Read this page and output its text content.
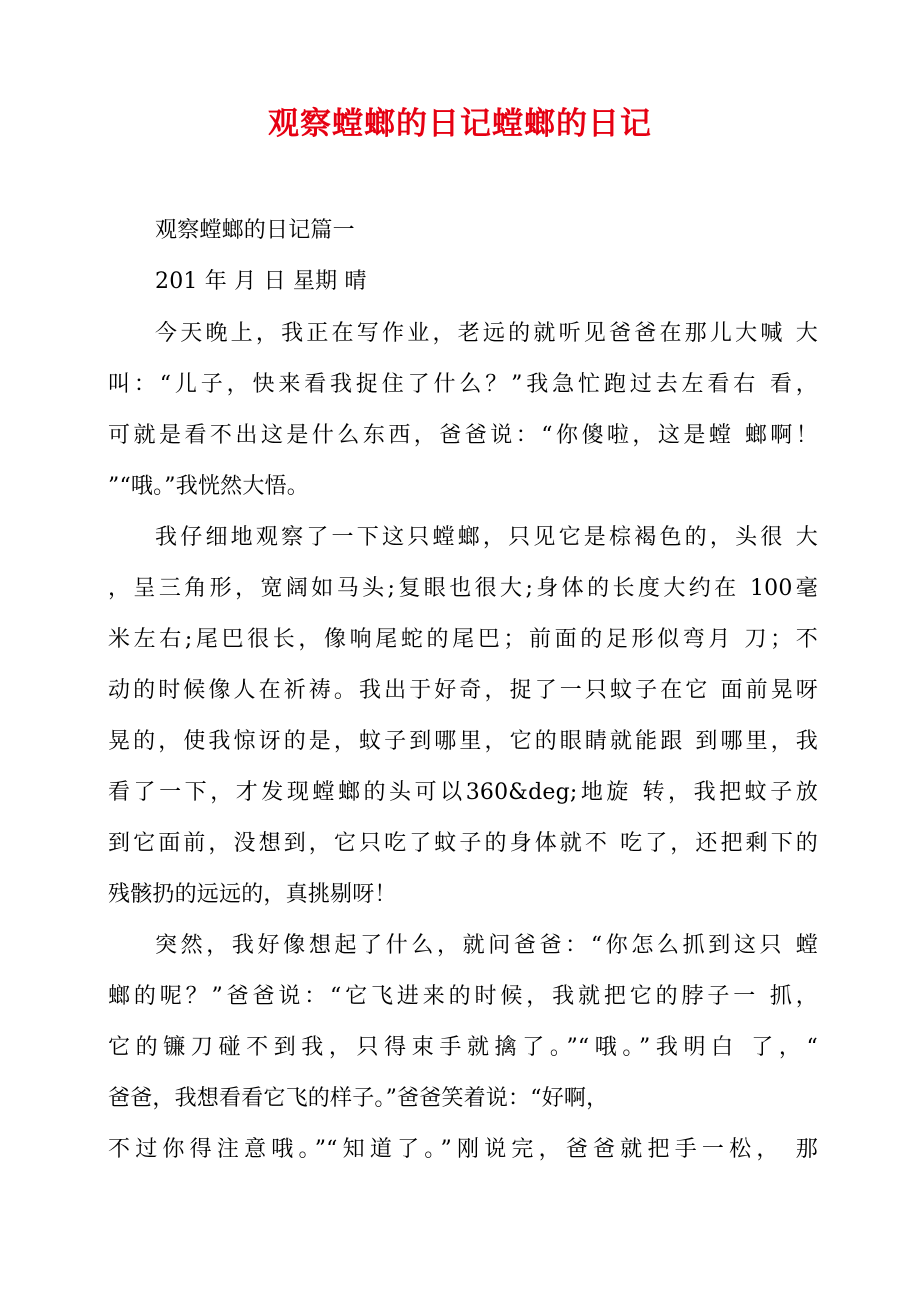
观察螳螂的日记螳螂的日记

观察螳螂的日记篇一

201 年 月 日 星期 晴

今天晚上，我正在写作业，老远的就听见爸爸在那儿大喊 大

叫：“儿子，快来看我捉住了什么？”我急忙跑过去左看右 看，

可就是看不出这是什么东西，爸爸说：“你傻啦，这是螳 螂啊！

”“哦。”我恍然大悟。

我仔细地观察了一下这只螳螂，只见它是棕褐色的，头很 大

，呈三角形，宽阔如马头;复眼也很大;身体的长度大约在 100毫

米左右;尾巴很长，像响尾蛇的尾巴；前面的足形似弯月 刀；不

动的时候像人在祈祷。我出于好奇，捉了一只蚊子在它 面前晃呀

晃的，使我惊讶的是，蚊子到哪里，它的眼睛就能跟 到哪里，我

看了一下，才发现螳螂的头可以360&deg;地旋 转，我把蚊子放

到它面前，没想到，它只吃了蚊子的身体就不 吃了，还把剩下的

残骸扔的远远的，真挑剔呀！

突然，我好像想起了什么，就问爸爸：“你怎么抓到这只 螳

螂的呢？”爸爸说：“它飞进来的时候，我就把它的脖子一 抓，

它的镰刀碰不到我，只得束手就擒了。”“哦。”我明白 了，“

爸爸，我想看看它飞的样子。”爸爸笑着说：“好啊，

不过你得注意哦。”“知道了。”刚说完，爸爸就把手一松， 那
